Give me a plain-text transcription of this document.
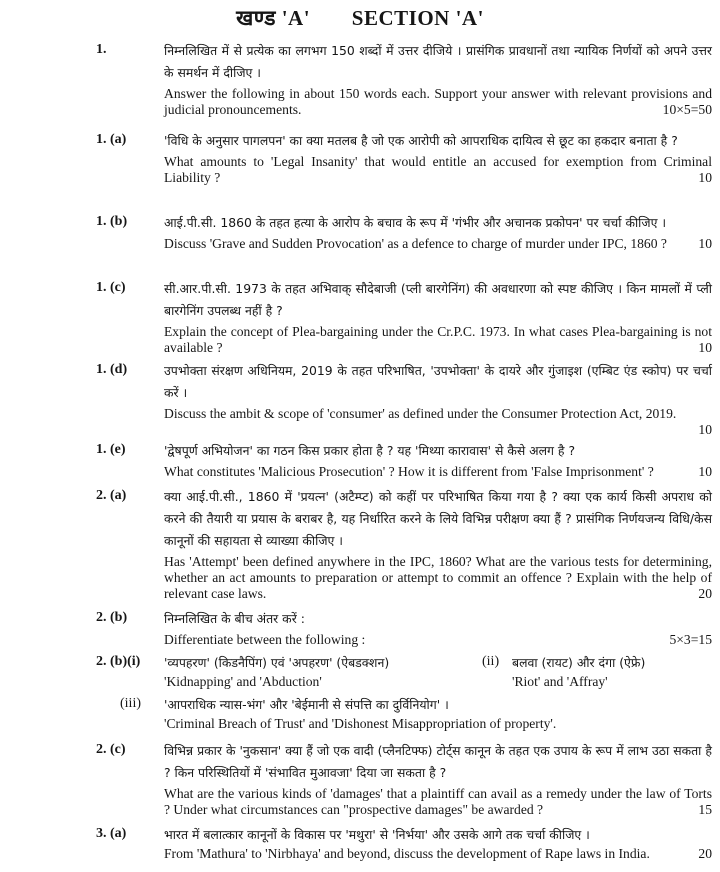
खण्ड 'A' SECTION 'A'
1.	निम्नलिखित में से प्रत्येक का लगभग 150 शब्दों में उत्तर दीजिये । प्रासंगिक प्रावधानों तथा न्यायिक निर्णयों को अपने उत्तर के समर्थन में दीजिए ।
Answer the following in about 150 words each. Support your answer with relevant provisions and judicial pronouncements.	10×5=50
1. (a)	'विधि के अनुसार पागलपन' का क्या मतलब है जो एक आरोपी को आपराधिक दायित्व से छूट का हकदार बनाता है ?
What amounts to 'Legal Insanity' that would entitle an accused for exemption from Criminal Liability ?	10
1. (b)	आई.पी.सी. 1860 के तहत हत्या के आरोप के बचाव के रूप में 'गंभीर और अचानक प्रकोपन' पर चर्चा कीजिए ।
Discuss 'Grave and Sudden Provocation' as a defence to charge of murder under IPC, 1860 ? 10
1. (c)	सी.आर.पी.सी. 1973 के तहत अभिवाक् सौदेबाजी (प्ली बारगेनिंग) की अवधारणा को स्पष्ट कीजिए । किन मामलों में प्ली बारगेनिंग उपलब्ध नहीं है ?
Explain the concept of Plea-bargaining under the Cr.P.C. 1973. In what cases Plea-bargaining is not available ?	10
1. (d)	उपभोक्ता संरक्षण अधिनियम, 2019 के तहत परिभाषित, 'उपभोक्ता' के दायरे और गुंजाइश (एम्बिट एंड स्कोप) पर चर्चा करें ।
Discuss the ambit & scope of 'consumer' as defined under the Consumer Protection Act, 2019.
10
1. (e)	'द्वेषपूर्ण अभियोजन' का गठन किस प्रकार होता है ? यह 'मिथ्या कारावास' से कैसे अलग है ?
What constitutes 'Malicious Prosecution' ? How it is different from 'False Imprisonment' ?	10
2. (a)	क्या आई.पी.सी., 1860 में 'प्रयत्न' (अटैम्प्ट) को कहीं पर परिभाषित किया गया है ? क्या एक कार्य किसी अपराध को करने की तैयारी या प्रयास के बराबर है, यह निर्धारित करने के लिये विभिन्न परीक्षण क्या हैं ? प्रासंगिक निर्णयजन्य विधि/केस कानूनों की सहायता से व्याख्या कीजिए ।
Has 'Attempt' been defined anywhere in the IPC, 1860? What are the various tests for determining, whether an act amounts to preparation or attempt to commit an offence ? Explain with the help of relevant case laws.	20
2. (b)	निम्नलिखित के बीच अंतर करें :
Differentiate between the following :	5×3=15
2. (b)(i) 'व्यपहरण' (किडनैपिंग) एवं 'अपहरण' (ऐबडक्शन)
'Kidnapping' and 'Abduction'
(ii) बलवा (रायट) और दंगा (ऐफ्रे)
'Riot' and 'Affray'
(iii) 'आपराधिक न्यास-भंग' और 'बेईमानी से संपत्ति का दुर्विनियोग' ।
'Criminal Breach of Trust' and 'Dishonest Misappropriation of property'.
2. (c)	विभिन्न प्रकार के 'नुकसान' क्या हैं जो एक वादी (प्लैनटिफ्फ) टोर्ट्स कानून के तहत एक उपाय के रूप में लाभ उठा सकता है ? किन परिस्थितियों में 'संभावित मुआवजा' दिया जा सकता है ?
What are the various kinds of 'damages' that a plaintiff can avail as a remedy under the law of Torts ? Under what circumstances can "prospective damages" be awarded ?	15
3. (a)	भारत में बलात्कार कानूनों के विकास पर 'मथुरा' से 'निर्भया' और उसके आगे तक चर्चा कीजिए ।
From 'Mathura' to 'Nirbhaya' and beyond, discuss the development of Rape laws in India.	20
